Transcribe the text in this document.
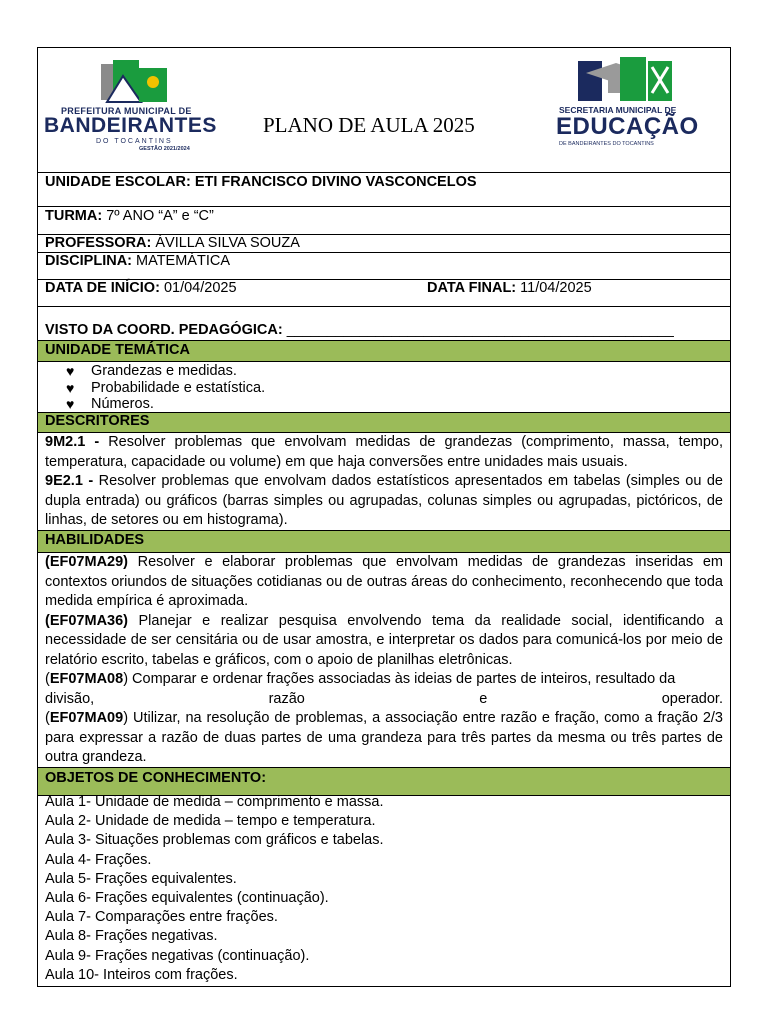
PREFEITURA MUNICIPAL DE
BANDEIRANTES
DO TOCANTINS
GESTÃO 2021/2024
PLANO DE AULA 2025
SECRETARIA MUNICIPAL DE
EDUCAÇÃO
DE BANDEIRANTES DO TOCANTINS
UNIDADE ESCOLAR: ETI FRANCISCO DIVINO VASCONCELOS
TURMA: 7º ANO “A” e “C”
PROFESSORA: ÁVILLA SILVA SOUZA
DISCIPLINA: MATEMÁTICA
DATA DE INÍCIO: 01/04/2025	DATA FINAL: 11/04/2025
VISTO DA COORD. PEDAGÓGICA: ________________________________________________
UNIDADE TEMÁTICA
♥ Grandezas e medidas.
♥ Probabilidade e estatística.
♥ Números.
DESCRITORES

9M2.1 - Resolver problemas que envolvam medidas de grandezas (comprimento, massa, tempo, temperatura, capacidade ou volume) em que haja conversões entre unidades mais usuais.

9E2.1 - Resolver problemas que envolvam dados estatísticos apresentados em tabelas (simples ou de dupla entrada) ou gráficos (barras simples ou agrupadas, colunas simples ou agrupadas, pictóricos, de linhas, de setores ou em histograma).

HABILIDADES

(EF07MA29) Resolver e elaborar problemas que envolvam medidas de grandezas inseridas em contextos oriundos de situações cotidianas ou de outras áreas do conhecimento, reconhecendo que toda medida empírica é aproximada.

(EF07MA36) Planejar e realizar pesquisa envolvendo tema da realidade social, identificando a necessidade de ser censitária ou de usar amostra, e interpretar os dados para comunicá-los por meio de relatório escrito, tabelas e gráficos, com o apoio de planilhas eletrônicas.

(EF07MA08) Comparar e ordenar frações associadas às ideias de partes de inteiros, resultado da

divisão,	razão	e	operador.

(EF07MA09) Utilizar, na resolução de problemas, a associação entre razão e fração, como a fração 2/3 para expressar a razão de duas partes de uma grandeza para três partes da mesma ou três partes de outra grandeza.

OBJETOS DE CONHECIMENTO:
Aula 1- Unidade de medida – comprimento e massa.
Aula 2- Unidade de medida – tempo e temperatura.
Aula 3- Situações problemas com gráficos e tabelas.
Aula 4- Frações.
Aula 5- Frações equivalentes.
Aula 6- Frações equivalentes (continuação).
Aula 7- Comparações entre frações.
Aula 8- Frações negativas.
Aula 9- Frações negativas (continuação).
Aula 10- Inteiros com frações.
